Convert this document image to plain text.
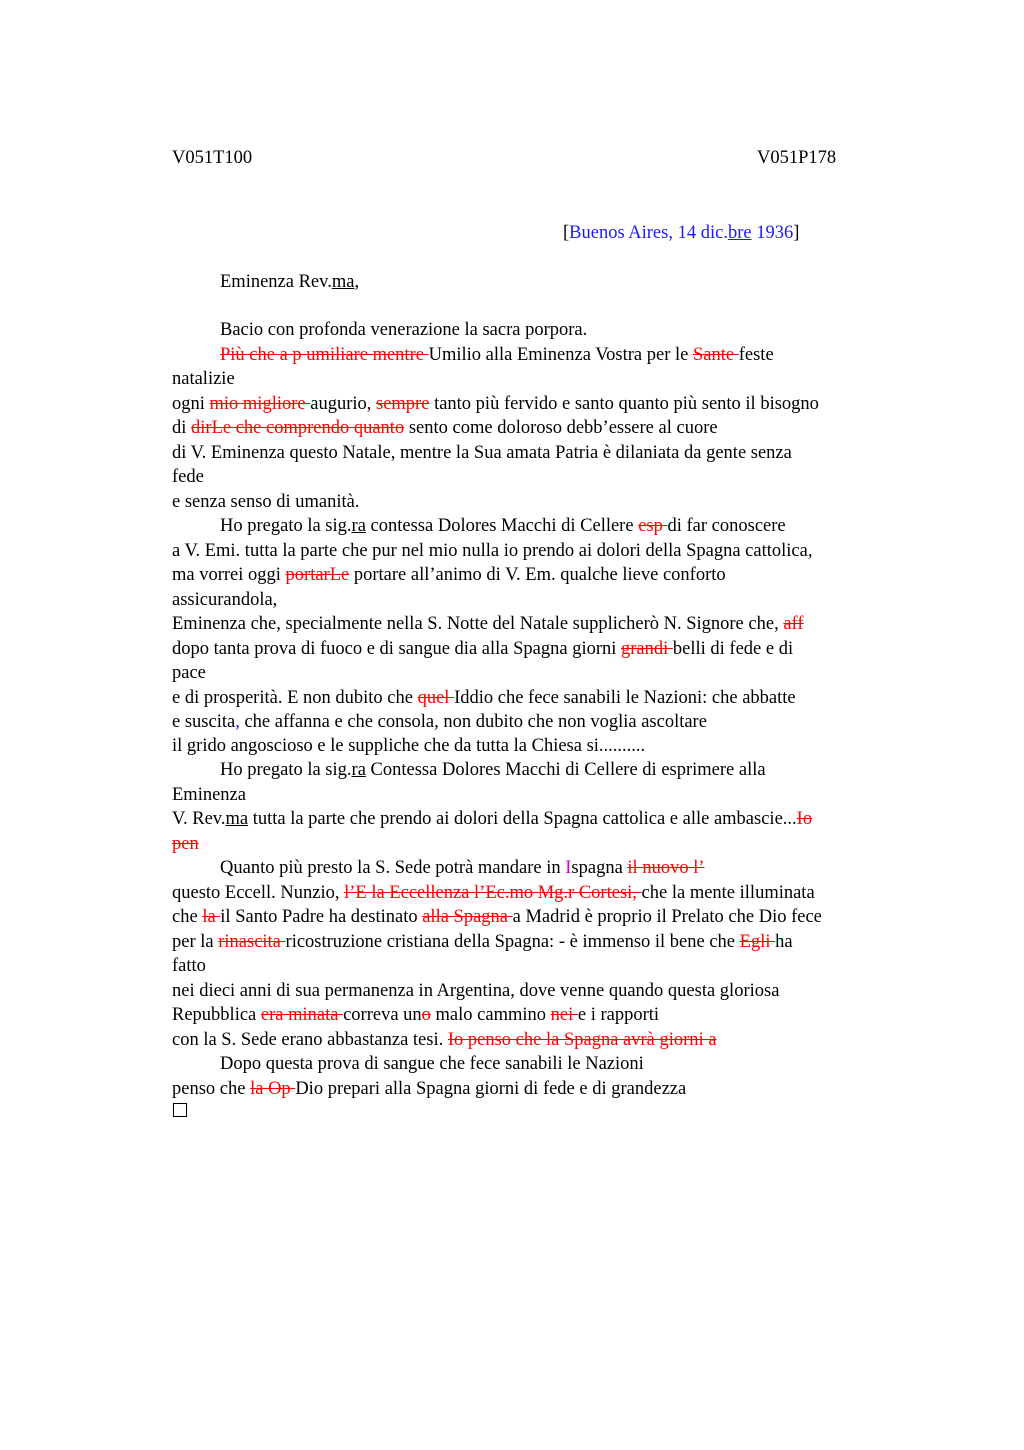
V051T100	V051P178
[Buenos Aires, 14 dic.bre 1936]
Eminenza Rev.ma,
Bacio con profonda venerazione la sacra porpora.
Più che a p umiliare mentre Umilio alla Eminenza Vostra per le Sante feste
natalizie
ogni mio migliore augurio, sempre tanto più fervido e santo quanto più sento il bisogno
di dirLe che comprendo quanto sento come doloroso debb’essere al cuore
di V. Eminenza questo Natale, mentre la Sua amata Patria è dilaniata da gente senza
fede
e senza senso di umanità.
Ho pregato la sig.ra contessa Dolores Macchi di Cellere esp di far conoscere
a V. Emi. tutta la parte che pur nel mio nulla io prendo ai dolori della Spagna cattolica,
ma vorrei oggi portarLe portare all’animo di V. Em. qualche lieve conforto
assicurandola,
Eminenza che, specialmente nella S. Notte del Natale supplicherò N. Signore che, aff
dopo tanta prova di fuoco e di sangue dia alla Spagna giorni grandi belli di fede e di
pace
e di prosperità. E non dubito che quel Iddio che fece sanabili le Nazioni: che abbatte
e suscita, che affanna e che consola, non dubito che non voglia ascoltare
il grido angoscioso e le suppliche che da tutta la Chiesa si..........
Ho pregato la sig.ra Contessa Dolores Macchi di Cellere di esprimere alla
Eminenza
V. Rev.ma tutta la parte che prendo ai dolori della Spagna cattolica e alle ambascie...Io
pen
Quanto più presto la S. Sede potrà mandare in Ispagna il nuovo l’
questo Eccell. Nunzio, l’E la Eccellenza l’Ec.mo Mg.r Cortesi, che la mente illuminata
che la il Santo Padre ha destinato alla Spagna a Madrid è proprio il Prelato che Dio fece
per la rinascita ricostruzione cristiana della Spagna: - è immenso il bene che Egli ha
fatto
nei dieci anni di sua permanenza in Argentina, dove venne quando questa gloriosa
Repubblica era minata correva uno malo cammino nei e i rapporti
con la S. Sede erano abbastanza tesi. Io penso che la Spagna avrà giorni a
Dopo questa prova di sangue che fece sanabili le Nazioni
penso che la Op Dio prepari alla Spagna giorni di fede e di grandezza
